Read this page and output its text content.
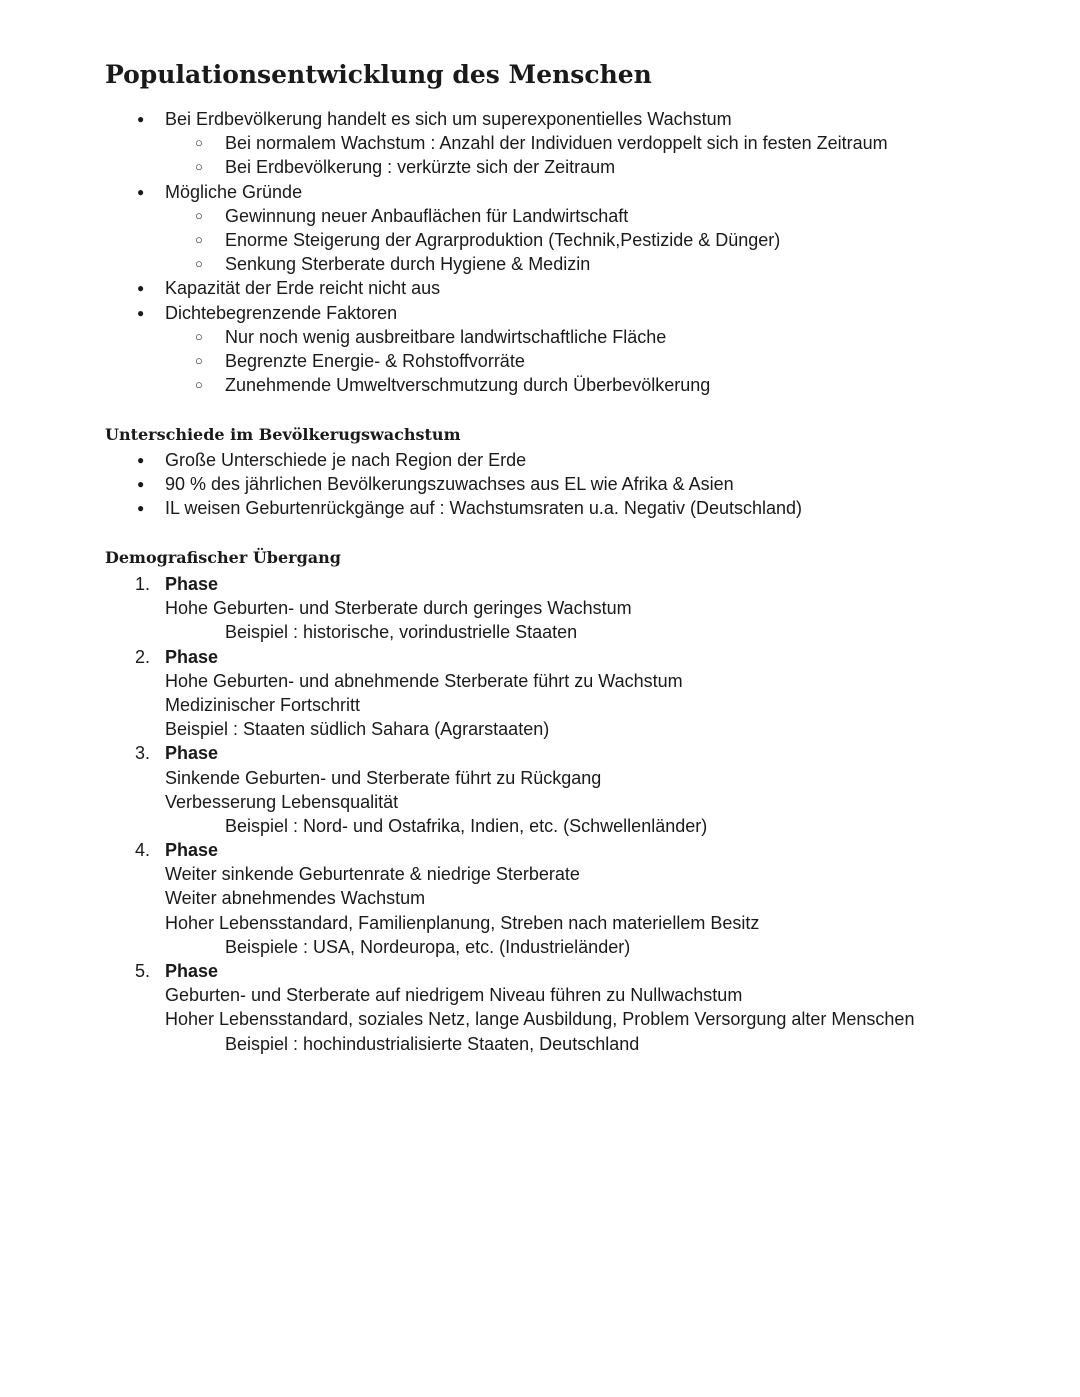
Populationsentwicklung des Menschen
● Bei Erdbevölkerung handelt es sich um superexponentielles Wachstum
○ Bei normalem Wachstum : Anzahl der Individuen verdoppelt sich in festen Zeitraum
○ Bei Erdbevölkerung : verkürzte sich der Zeitraum
● Mögliche Gründe
○ Gewinnung neuer Anbauflächen für Landwirtschaft
○ Enorme Steigerung der Agrarproduktion (Technik,Pestizide & Dünger)
○ Senkung Sterberate durch Hygiene & Medizin
● Kapazität der Erde reicht nicht aus
● Dichtebegrenzende Faktoren
○ Nur noch wenig ausbreitbare landwirtschaftliche Fläche
○ Begrenzte Energie- & Rohstoffvorräte
○ Zunehmende Umweltverschmutzung durch Überbevölkerung
Unterschiede im Bevölkerugswachstum
● Große Unterschiede je nach Region der Erde
● 90 % des jährlichen Bevölkerungszuwachses aus EL wie Afrika & Asien
● IL weisen Geburtenrückgänge auf : Wachstumsraten u.a. Negativ (Deutschland)
Demografischer Übergang
1. Phase
Hohe Geburten- und Sterberate durch geringes Wachstum
Beispiel : historische, vorindustrielle Staaten
2. Phase
Hohe Geburten- und abnehmende Sterberate führt zu Wachstum
Medizinischer Fortschritt
Beispiel : Staaten südlich Sahara (Agrarstaaten)
3. Phase
Sinkende Geburten- und Sterberate führt zu Rückgang
Verbesserung Lebensqualität
Beispiel : Nord- und Ostafrika, Indien, etc. (Schwellenländer)
4. Phase
Weiter sinkende Geburtenrate & niedrige Sterberate
Weiter abnehmendes Wachstum
Hoher Lebensstandard, Familienplanung, Streben nach materiellem Besitz
Beispiele : USA, Nordeuropa, etc. (Industrieländer)
5. Phase
Geburten- und Sterberate auf niedrigem Niveau führen zu Nullwachstum
Hoher Lebensstandard, soziales Netz, lange Ausbildung, Problem Versorgung alter Menschen
Beispiel : hochindustrialisierte Staaten, Deutschland
